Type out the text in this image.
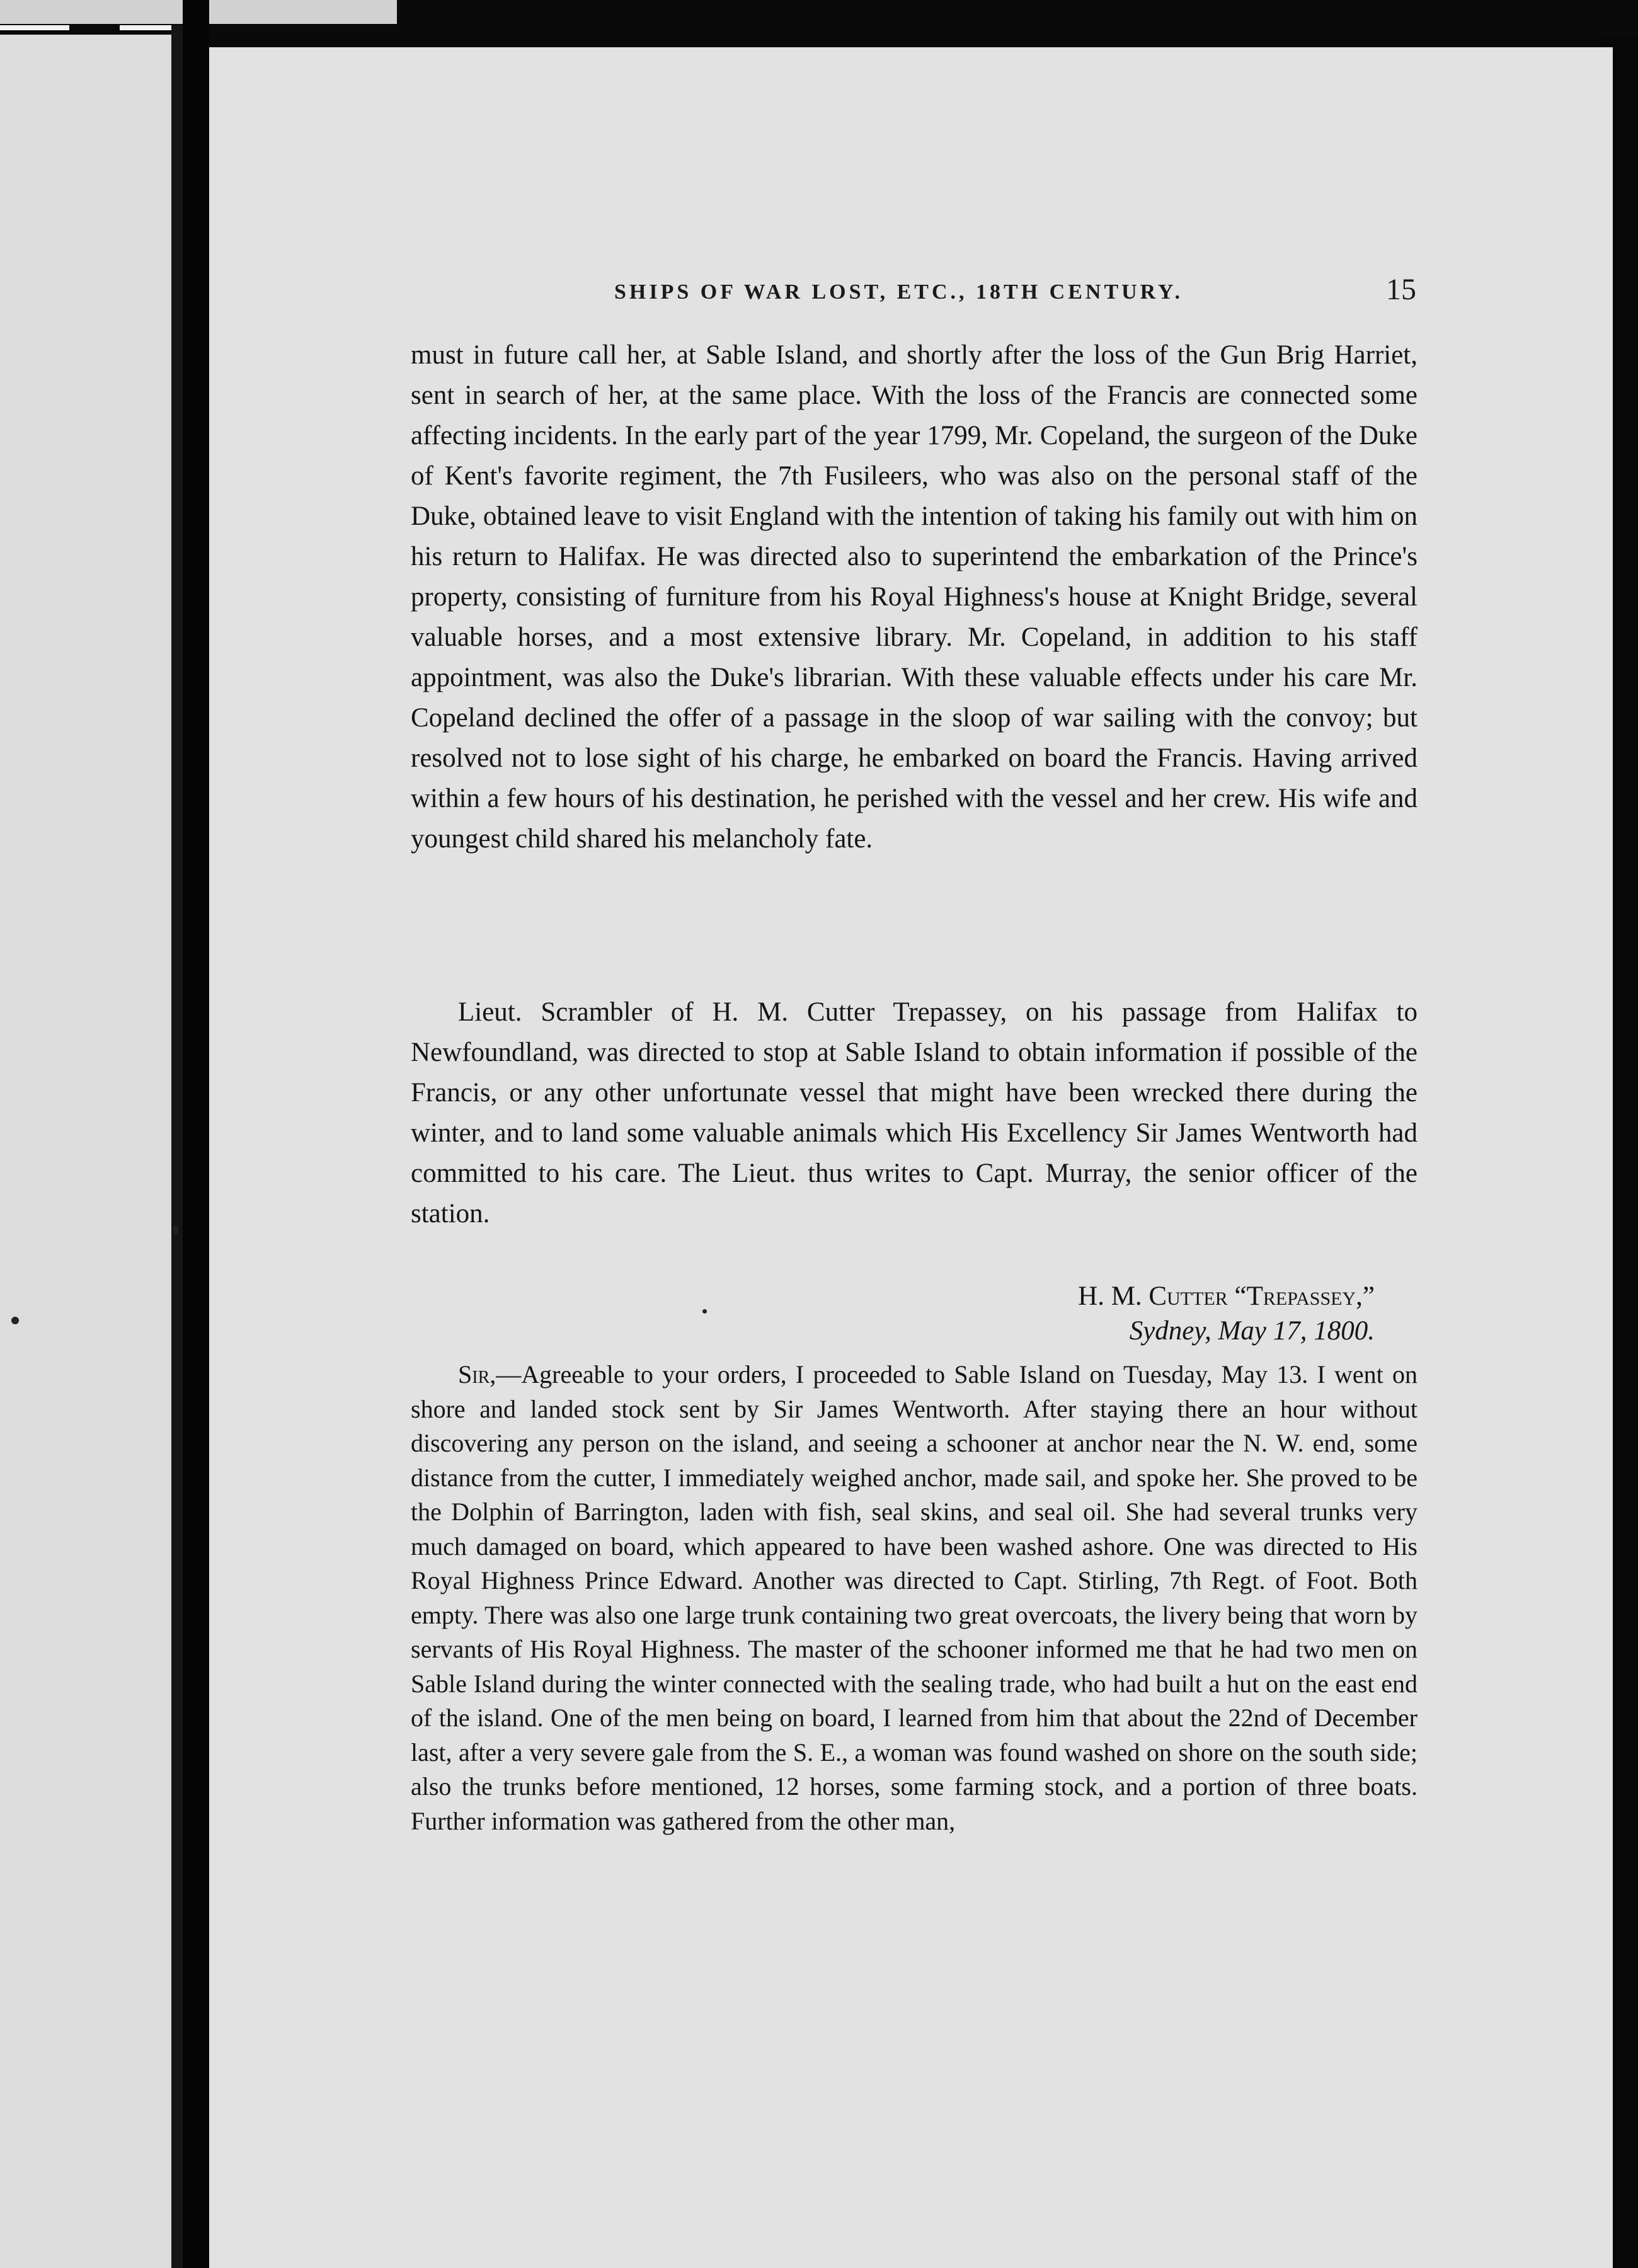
SHIPS OF WAR LOST, ETC., 18TH CENTURY.	15

must in future call her, at Sable Island, and shortly after the loss of the Gun Brig Harriet, sent in search of her, at the same place. With the loss of the Francis are connected some affecting incidents. In the early part of the year 1799, Mr. Copeland, the surgeon of the Duke of Kent's favorite regiment, the 7th Fusileers, who was also on the personal staff of the Duke, obtained leave to visit England with the intention of taking his family out with him on his return to Halifax. He was directed also to superintend the embarkation of the Prince's property, consisting of furniture from his Royal Highness's house at Knight Bridge, several valuable horses, and a most extensive library. Mr. Copeland, in addition to his staff appointment, was also the Duke's librarian. With these valuable effects under his care Mr. Copeland declined the offer of a passage in the sloop of war sailing with the convoy; but resolved not to lose sight of his charge, he embarked on board the Francis. Having arrived within a few hours of his destination, he perished with the vessel and her crew. His wife and youngest child shared his melancholy fate.

Lieut. Scrambler of H. M. Cutter Trepassey, on his passage from Halifax to Newfoundland, was directed to stop at Sable Island to obtain information if possible of the Francis, or any other unfortunate vessel that might have been wrecked there during the winter, and to land some valuable animals which His Excellency Sir James Wentworth had committed to his care. The Lieut. thus writes to Capt. Murray, the senior officer of the station.

H. M. Cutter “Trepassey,”
Sydney, May 17, 1800.

Sir,—Agreeable to your orders, I proceeded to Sable Island on Tuesday, May 13. I went on shore and landed stock sent by Sir James Wentworth. After staying there an hour without discovering any person on the island, and seeing a schooner at anchor near the N. W. end, some distance from the cutter, I immediately weighed anchor, made sail, and spoke her. She proved to be the Dolphin of Barrington, laden with fish, seal skins, and seal oil. She had several trunks very much damaged on board, which appeared to have been washed ashore. One was directed to His Royal Highness Prince Edward. Another was directed to Capt. Stirling, 7th Regt. of Foot. Both empty. There was also one large trunk containing two great overcoats, the livery being that worn by servants of His Royal Highness. The master of the schooner informed me that he had two men on Sable Island during the winter connected with the sealing trade, who had built a hut on the east end of the island. One of the men being on board, I learned from him that about the 22nd of December last, after a very severe gale from the S. E., a woman was found washed on shore on the south side; also the trunks before mentioned, 12 horses, some farming stock, and a portion of three boats. Further information was gathered from the other man,
